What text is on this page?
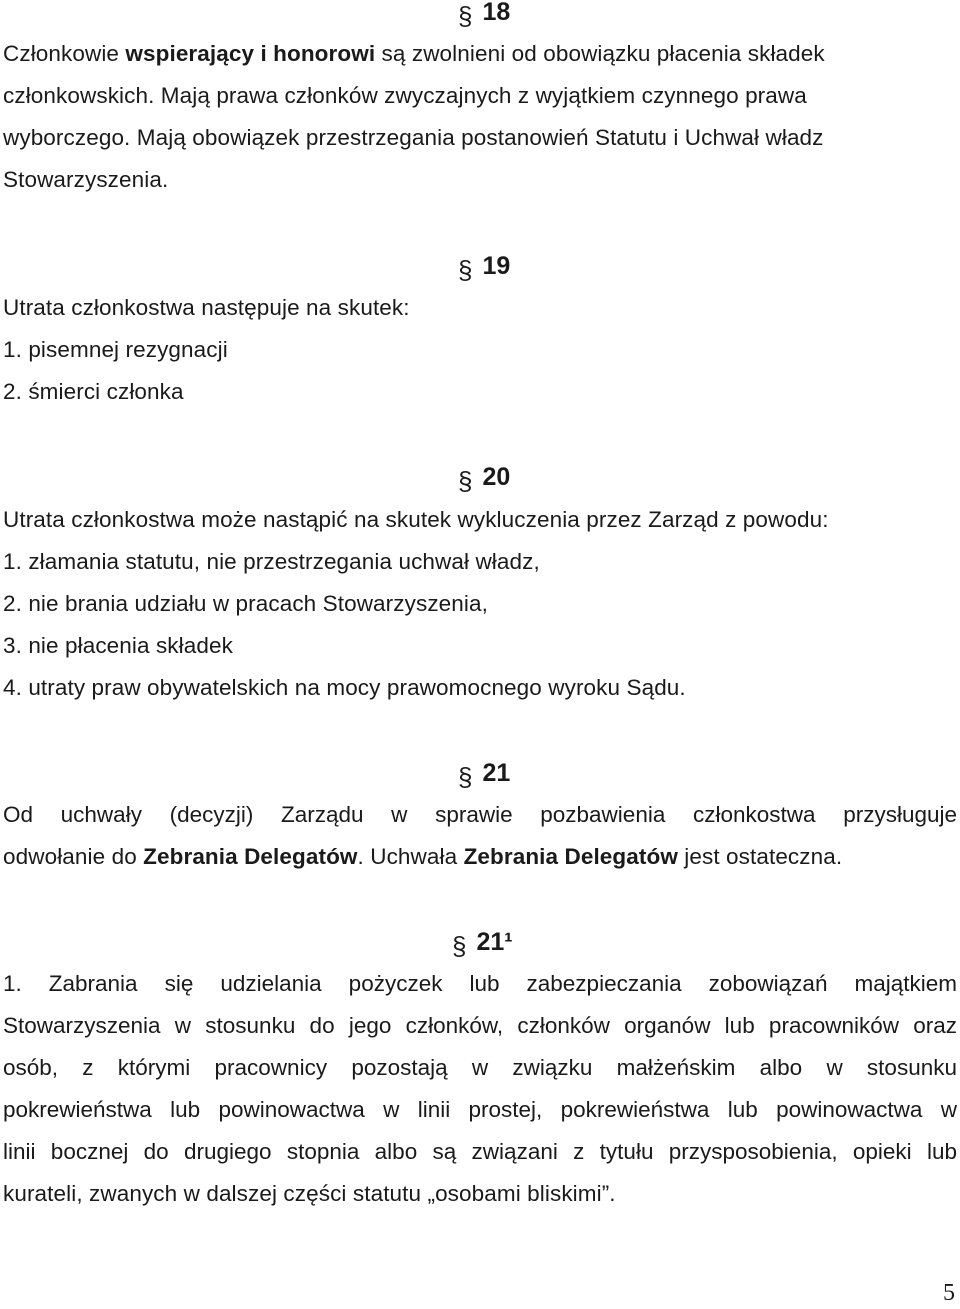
§ 18
Członkowie wspierający i honorowi są zwolnieni od obowiązku płacenia składek
członkowskich. Mają prawa członków zwyczajnych z wyjątkiem czynnego prawa
wyborczego. Mają obowiązek przestrzegania postanowień Statutu i Uchwał władz
Stowarzyszenia.
§ 19
Utrata członkostwa następuje na skutek:
1. pisemnej rezygnacji
2. śmierci członka
§ 20
Utrata członkostwa może nastąpić na skutek wykluczenia przez Zarząd z powodu:
1. złamania statutu, nie przestrzegania uchwał władz,
2. nie brania udziału w pracach Stowarzyszenia,
3. nie płacenia składek
4. utraty praw obywatelskich na mocy prawomocnego wyroku Sądu.
§ 21
Od uchwały (decyzji) Zarządu w sprawie pozbawienia członkostwa przysługuje
odwołanie do Zebrania Delegatów. Uchwała Zebrania Delegatów jest ostateczna.
§ 21¹
1. Zabrania się udzielania pożyczek lub zabezpieczania zobowiązań majątkiem
Stowarzyszenia w stosunku do jego członków, członków organów lub pracowników oraz
osób, z którymi pracownicy pozostają w związku małżeńskim albo w stosunku
pokrewieństwa lub powinowactwa w linii prostej, pokrewieństwa lub powinowactwa w
linii bocznej do drugiego stopnia albo są związani z tytułu przysposobienia, opieki lub
kurateli, zwanych w dalszej części statutu „osobami bliskimi”.
5
